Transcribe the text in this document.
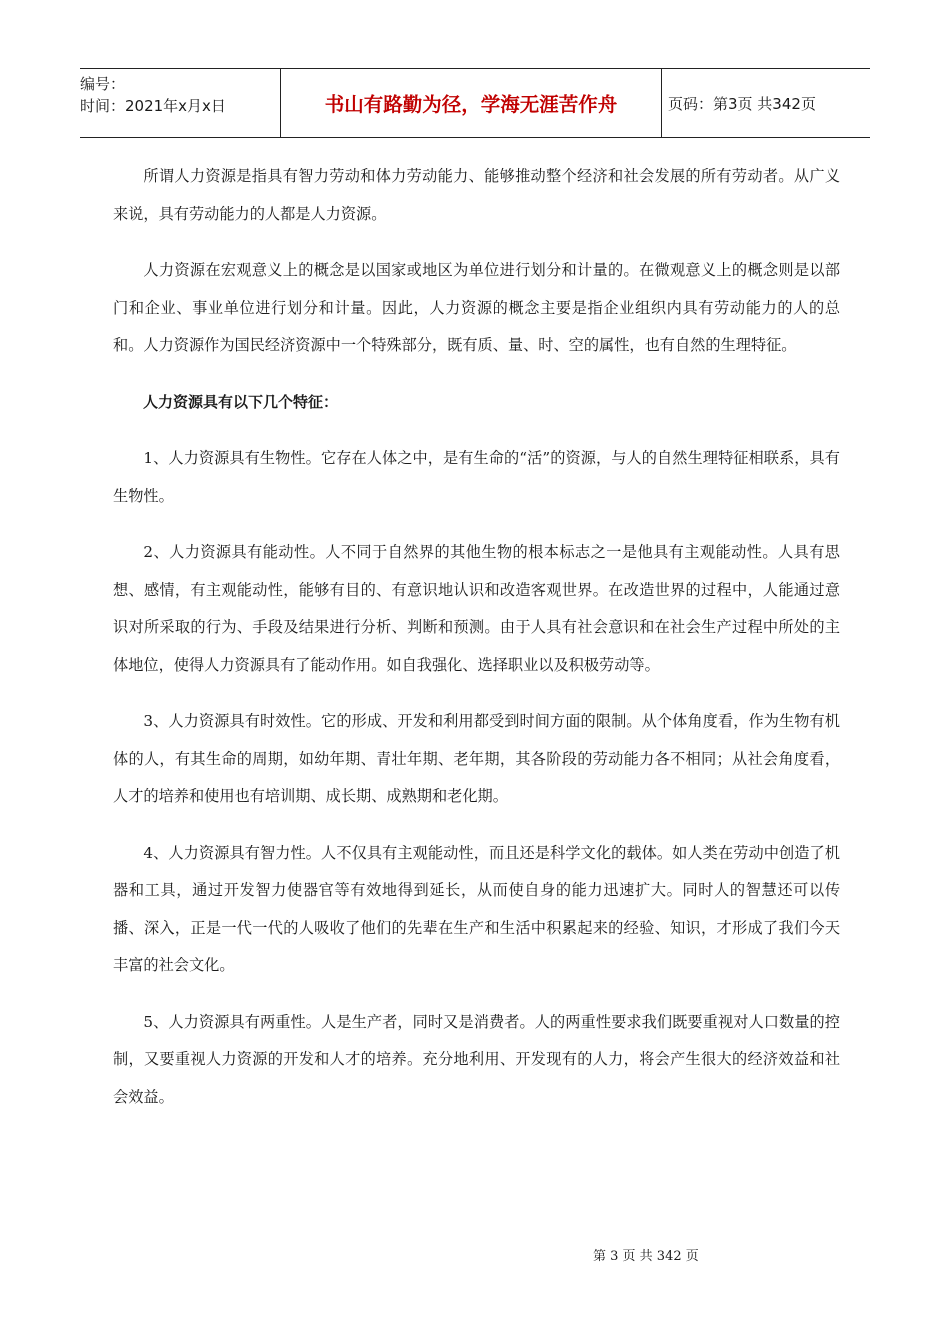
编号：
时间：2021年x月x日	书山有路勤为径，学海无涯苦作舟	页码：第3页 共342页

所谓人力资源是指具有智力劳动和体力劳动能力、能够推动整个经济和社会发展的所有劳动者。从广义来说，具有劳动能力的人都是人力资源。

人力资源在宏观意义上的概念是以国家或地区为单位进行划分和计量的。在微观意义上的概念则是以部门和企业、事业单位进行划分和计量。因此，人力资源的概念主要是指企业组织内具有劳动能力的人的总和。人力资源作为国民经济资源中一个特殊部分，既有质、量、时、空的属性，也有自然的生理特征。

人力资源具有以下几个特征：

1、人力资源具有生物性。它存在人体之中，是有生命的“活”的资源，与人的自然生理特征相联系，具有生物性。

2、人力资源具有能动性。人不同于自然界的其他生物的根本标志之一是他具有主观能动性。人具有思想、感情，有主观能动性，能够有目的、有意识地认识和改造客观世界。在改造世界的过程中，人能通过意识对所采取的行为、手段及结果进行分析、判断和预测。由于人具有社会意识和在社会生产过程中所处的主体地位，使得人力资源具有了能动作用。如自我强化、选择职业以及积极劳动等。

3、人力资源具有时效性。它的形成、开发和利用都受到时间方面的限制。从个体角度看，作为生物有机体的人，有其生命的周期，如幼年期、青壮年期、老年期，其各阶段的劳动能力各不相同；从社会角度看，人才的培养和使用也有培训期、成长期、成熟期和老化期。

4、人力资源具有智力性。人不仅具有主观能动性，而且还是科学文化的载体。如人类在劳动中创造了机器和工具，通过开发智力使器官等有效地得到延长，从而使自身的能力迅速扩大。同时人的智慧还可以传播、深入，正是一代一代的人吸收了他们的先辈在生产和生活中积累起来的经验、知识，才形成了我们今天丰富的社会文化。

5、人力资源具有两重性。人是生产者，同时又是消费者。人的两重性要求我们既要重视对人口数量的控制，又要重视人力资源的开发和人才的培养。充分地利用、开发现有的人力，将会产生很大的经济效益和社会效益。

第 3 页 共 342 页
